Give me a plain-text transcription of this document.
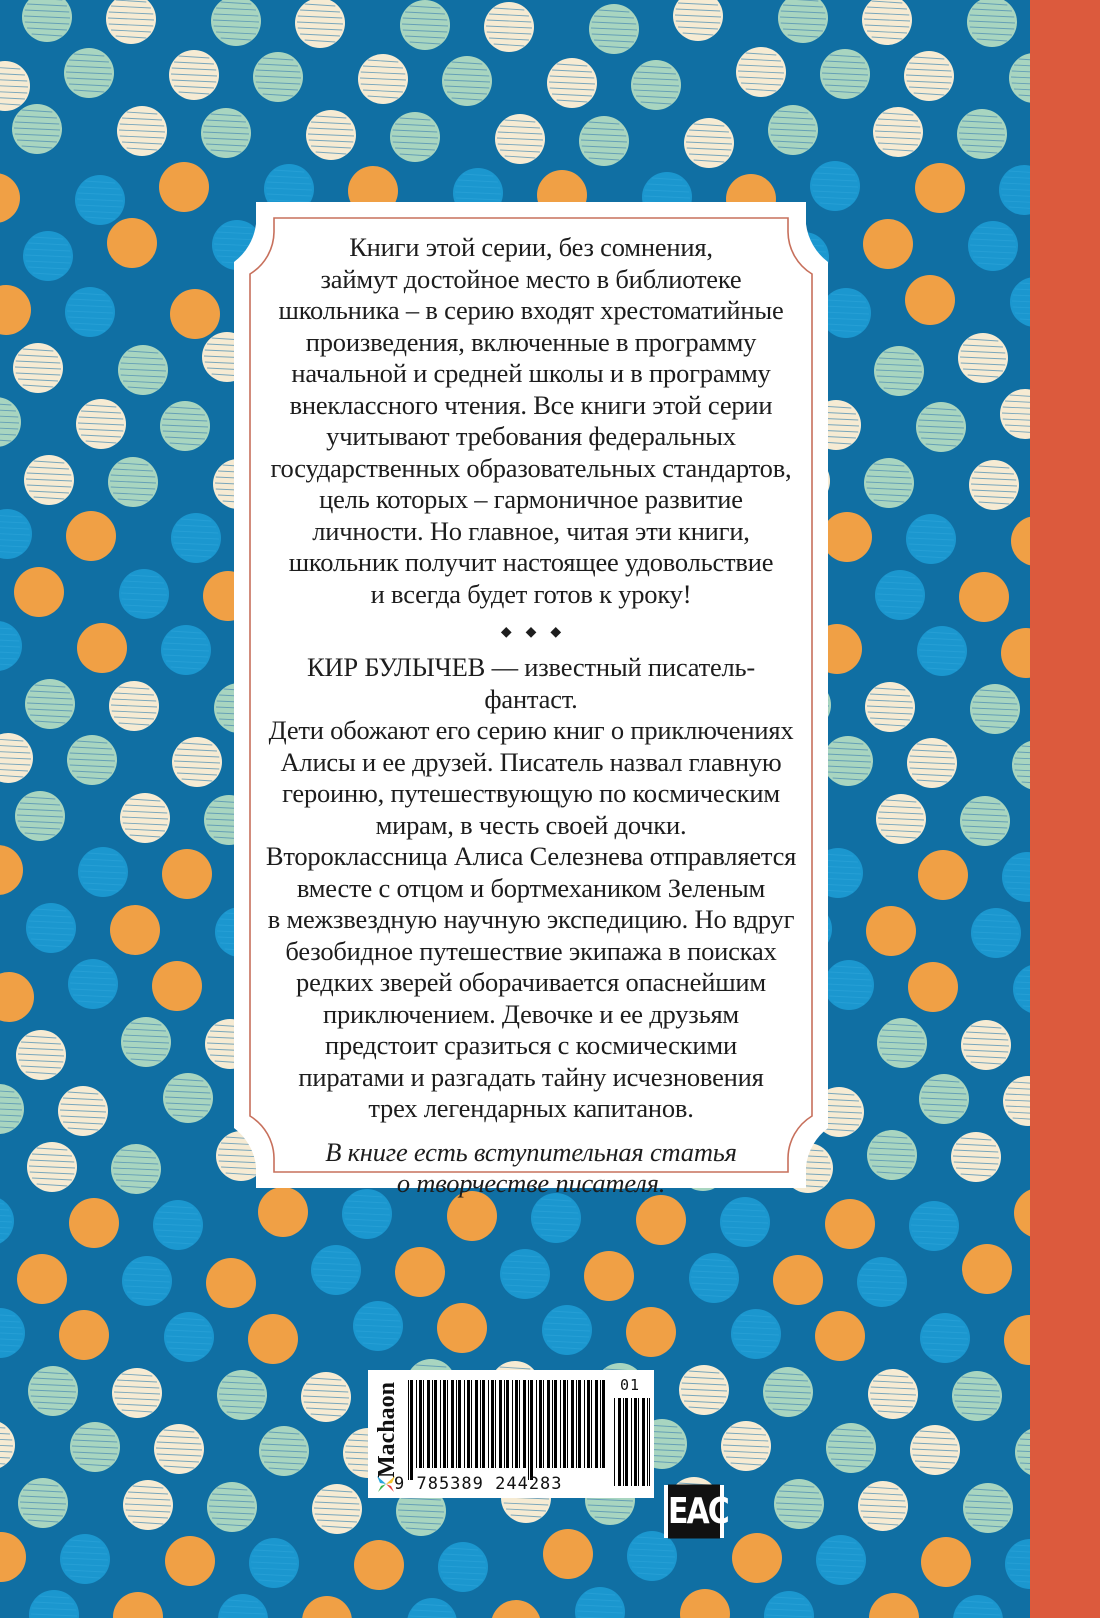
Книги этой серии, без сомнения,
займут достойное место в библиотеке
школьника – в серию входят хрестоматийные
произведения, включенные в программу
начальной и средней школы и в программу
внеклассного чтения. Все книги этой серии
учитывают требования федеральных
государственных образовательных стандартов,
цель которых – гармоничное развитие
личности. Но главное, читая эти книги,
школьник получит настоящее удовольствие
и всегда будет готов к уроку!
◆◆◆
КИР БУЛЫЧЕВ — известный писатель-фантаст.
Дети обожают его серию книг о приключениях
Алисы и ее друзей. Писатель назвал главную
героиню, путешествующую по космическим
мирам, в честь своей дочки.
Второклассница Алиса Селезнева отправляется
вместе с отцом и бортмехаником Зеленым
в межзвездную научную экспедицию. Но вдруг
безобидное путешествие экипажа в поисках
редких зверей оборачивается опаснейшим
приключением. Девочке и ее друзьям
предстоит сразиться с космическими
пиратами и разгадать тайну исчезновения
трех легендарных капитанов.
В книге есть вступительная статья
о творчестве писателя.
Machaon	01
9 785389 244283
EAC
